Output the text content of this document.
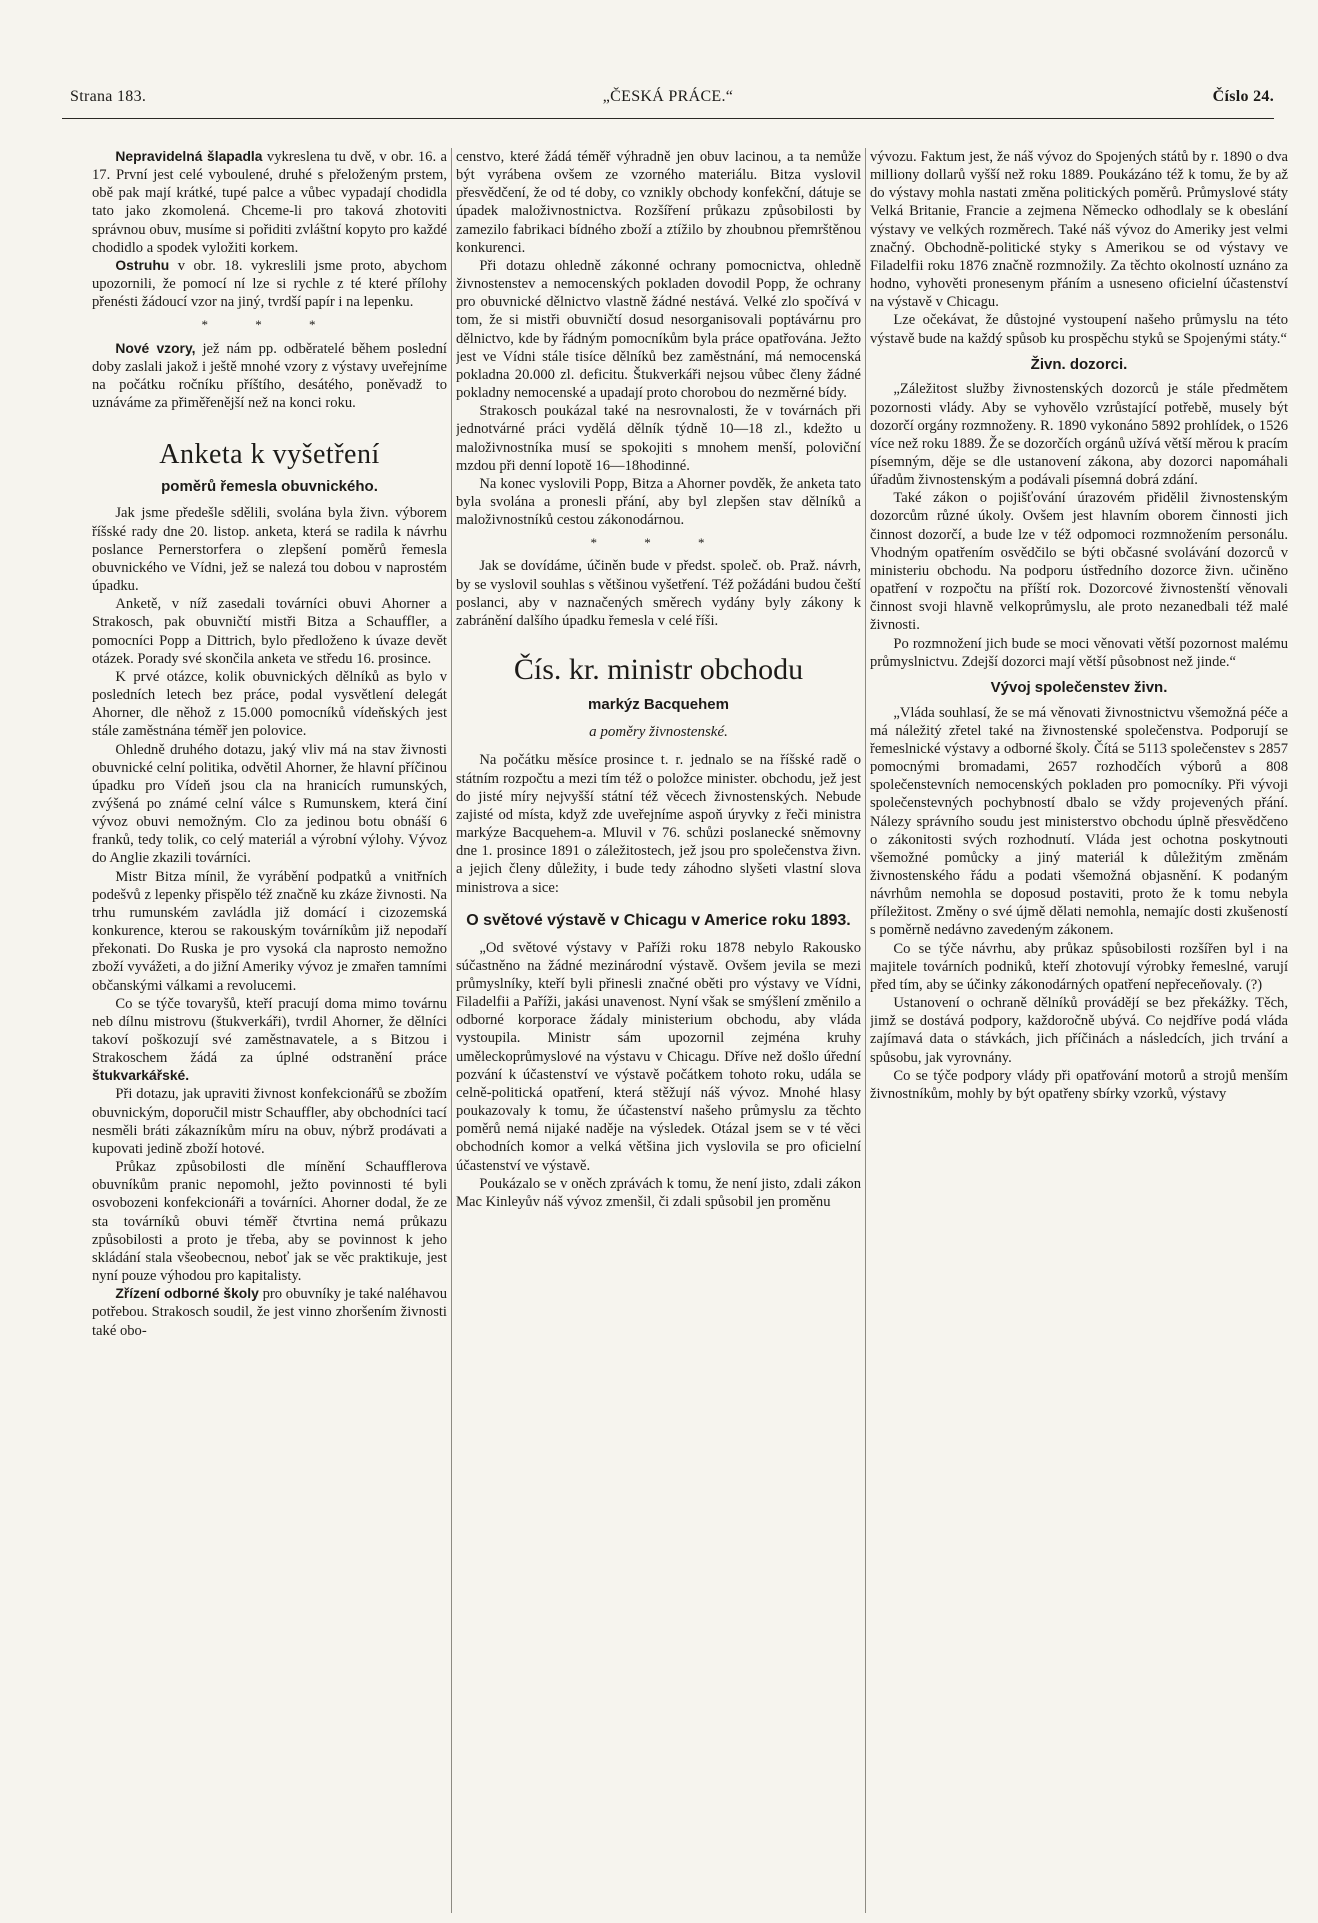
Strana 183.	„ČESKÁ PRÁCE.“	Číslo 24.

Nepravidelná šlapadla vykreslena tu dvě, v obr. 16. a 17. První jest celé vyboulené, druhé s přeloženým prstem, obě pak mají krátké, tupé palce a vůbec vypadají chodidla tato jako zkomolená. Chceme-li pro taková zhotoviti správnou obuv, musíme si pořiditi zvláštní kopyto pro každé chodidlo a spodek vyložiti korkem.

Ostruhu v obr. 18. vykreslili jsme proto, abychom upozornili, že pomocí ní lze si rychle z té které přílohy přenésti žádoucí vzor na jiný, tvrdší papír i na lepenku.

* * *

Nové vzory, jež nám pp. odběratelé během poslední doby zaslali jakož i ještě mnohé vzory z výstavy uveřejníme na počátku ročníku příštího, desátého, poněvadž to uznáváme za přiměřenější než na konci roku.

Anketa k vyšetření
poměrů řemesla obuvnického.

Jak jsme předešle sdělili, svolána byla živn. výborem říšské rady dne 20. listop. anketa, která se radila k návrhu poslance Pernerstorfera o zlepšení poměrů řemesla obuvnického ve Vídni, jež se nalezá tou dobou v naprostém úpadku.

Anketě, v níž zasedali továrníci obuvi Ahorner a Strakosch, pak obuvničtí mistři Bitza a Schauffler, a pomocníci Popp a Dittrich, bylo předloženo k úvaze devět otázek. Porady své skončila anketa ve středu 16. prosince.

K prvé otázce, kolik obuvnických dělníků as bylo v posledních letech bez práce, podal vysvětlení delegát Ahorner, dle něhož z 15.000 pomocníků vídeňských jest stále zaměstnána téměř jen polovice.

Ohledně druhého dotazu, jaký vliv má na stav živnosti obuvnické celní politika, odvětil Ahorner, že hlavní příčinou úpadku pro Vídeň jsou cla na hranicích rumunských, zvýšená po známé celní válce s Rumunskem, která činí vývoz obuvi nemožným. Clo za jedinou botu obnáší 6 franků, tedy tolik, co celý materiál a výrobní výlohy. Vývoz do Anglie zkazili továrníci.

Mistr Bitza mínil, že vyrábění podpatků a vnitřních podešvů z lepenky přispělo též značně ku zkáze živnosti. Na trhu rumunském zavládla již domácí i cizozemská konkurence, kterou se rakouským továrníkům již nepodaří překonati. Do Ruska je pro vysoká cla naprosto nemožno zboží vyvážeti, a do jižní Ameriky vývoz je zmařen tamními občanskými válkami a revolucemi.

Co se týče tovaryšů, kteří pracují doma mimo továrnu neb dílnu mistrovu (štukverkáři), tvrdil Ahorner, že dělníci takoví poškozují své zaměstnavatele, a s Bitzou i Strakoschem žádá za úplné odstranění práce štukvarkářské.

Při dotazu, jak upraviti živnost konfekcionářů se zbožím obuvnickým, doporučil mistr Schauffler, aby obchodníci tací nesměli bráti zákazníkům míru na obuv, nýbrž prodávati a kupovati jedině zboží hotové.

Průkaz způsobilosti dle mínění Schaufflerova obuvníkům pranic nepomohl, ježto povinnosti té byli osvobozeni konfekcionáři a továrníci. Ahorner dodal, že ze sta továrníků obuvi téměř čtvrtina nemá průkazu způsobilosti a proto je třeba, aby se povinnost k jeho skládání stala všeobecnou, neboť jak se věc praktikuje, jest nyní pouze výhodou pro kapitalisty.

Zřízení odborné školy pro obuvníky je také naléhavou potřebou. Strakosch soudil, že jest vinno zhoršením živnosti také obo-

censtvo, které žádá téměř výhradně jen obuv lacinou, a ta nemůže být vyrábena ovšem ze vzorného materiálu. Bitza vyslovil přesvědčení, že od té doby, co vznikly obchody konfekční, dátuje se úpadek maloživnostnictva. Rozšíření průkazu způsobilosti by zamezilo fabrikaci bídného zboží a ztížilo by zhoubnou přemrštěnou konkurenci.

Při dotazu ohledně zákonné ochrany pomocnictva, ohledně živnostenstev a nemocenských pokladen dovodil Popp, že ochrany pro obuvnické dělnictvo vlastně žádné nestává. Velké zlo spočívá v tom, že si mistři obuvničtí dosud nesorganisovali poptávárnu pro dělnictvo, kde by řádným pomocníkům byla práce opatřována. Ježto jest ve Vídni stále tisíce dělníků bez zaměstnání, má nemocenská pokladna 20.000 zl. deficitu. Štukverkáři nejsou vůbec členy žádné pokladny nemocenské a upadají proto chorobou do nezměrné bídy.

Strakosch poukázal také na nesrovnalosti, že v továrnách při jednotvárné práci vydělá dělník týdně 10—18 zl., kdežto u maloživnostníka musí se spokojiti s mnohem menší, poloviční mzdou při denní lopotě 16—18hodinné.

Na konec vyslovili Popp, Bitza a Ahorner povděk, že anketa tato byla svolána a pronesli přání, aby byl zlepšen stav dělníků a maloživnostníků cestou zákonodárnou.

* * *

Jak se dovídáme, účiněn bude v předst. společ. ob. Praž. návrh, by se vyslovil souhlas s většinou vyšetření. Též požádáni budou čeští poslanci, aby v naznačených směrech vydány byly zákony k zabránění dalšího úpadku řemesla v celé říši.

Čís. kr. ministr obchodu
markýz Bacquehem
a poměry živnostenské.

Na počátku měsíce prosince t. r. jednalo se na říšské radě o státním rozpočtu a mezi tím též o položce minister. obchodu, jež jest do jisté míry nejvyšší státní též věcech živnostenských. Nebude zajisté od místa, když zde uveřejníme aspoň úryvky z řeči ministra markýze Bacquehem-a. Mluvil v 76. schůzi poslanecké sněmovny dne 1. prosince 1891 o záležitostech, jež jsou pro společenstva živn. a jejich členy důležity, i bude tedy záhodno slyšeti vlastní slova ministrova a sice:

O světové výstavě v Chicagu v Americe roku 1893.

„Od světové výstavy v Paříži roku 1878 nebylo Rakousko súčastněno na žádné mezinárodní výstavě. Ovšem jevila se mezi průmyslníky, kteří byli přinesli značné oběti pro výstavy ve Vídni, Filadelfii a Paříži, jakási unavenost. Nyní však se smýšlení změnilo a odborné korporace žádaly ministerium obchodu, aby vláda vystoupila. Ministr sám upozornil zejména kruhy uměleckoprůmyslové na výstavu v Chicagu. Dříve než došlo úřední pozvání k účastenství ve výstavě počátkem tohoto roku, udála se celně-politická opatření, která stěžují náš vývoz. Mnohé hlasy poukazovaly k tomu, že účastenství našeho průmyslu za těchto poměrů nemá nijaké naděje na výsledek. Otázal jsem se v té věci obchodních komor a velká většina jich vyslovila se pro oficielní účastenství ve výstavě.

Poukázalo se v oněch zprávách k tomu, že není jisto, zdali zákon Mac Kinleyův náš vývoz zmenšil, či zdali spůsobil jen proměnu

vývozu. Faktum jest, že náš vývoz do Spojených států by r. 1890 o dva milliony dollarů vyšší než roku 1889. Poukázáno též k tomu, že by až do výstavy mohla nastati změna politických poměrů. Průmyslové státy Velká Britanie, Francie a zejmena Německo odhodlaly se k obeslání výstavy ve velkých rozměrech. Také náš vývoz do Ameriky jest velmi značný. Obchodně-politické styky s Amerikou se od výstavy ve Filadelfii roku 1876 značně rozmnožily. Za těchto okolností uznáno za hodno, vyhověti pronesenym přáním a usneseno oficielní účastenství na výstavě v Chicagu.

Lze očekávat, že důstojné vystoupení našeho průmyslu na této výstavě bude na každý spůsob ku prospěchu styků se Spojenými státy.“

Živn. dozorci.

„Záležitost služby živnostenských dozorců je stále předmětem pozornosti vlády. Aby se vyhovělo vzrůstající potřebě, musely být dozorčí orgány rozmnoženy. R. 1890 vykonáno 5892 prohlídek, o 1526 více než roku 1889. Že se dozorčích orgánů užívá větší měrou k pracím písemným, děje se dle ustanovení zákona, aby dozorci napomáhali úřadům živnostenským a podávali písemná dobrá zdání.

Také zákon o pojišťování úrazovém přidělil živnostenským dozorcům různé úkoly. Ovšem jest hlavním oborem činnosti jich činnost dozorčí, a bude lze v též odpomoci rozmnožením personálu. Vhodným opatřením osvědčilo se býti občasné svolávání dozorců v ministeriu obchodu. Na podporu ústředního dozorce živn. učiněno opatření v rozpočtu na příští rok. Dozorcové živnostenští věnovali činnost svoji hlavně velkoprůmyslu, ale proto nezanedbali též malé živnosti.

Po rozmnožení jich bude se moci věnovati větší pozornost malému průmyslnictvu. Zdejší dozorci mají větší působnost než jinde.“

Vývoj společenstev živn.

„Vláda souhlasí, že se má věnovati živnostnictvu všemožná péče a má náležitý zřetel také na živnostenské společenstva. Podporují se řemeslnické výstavy a odborné školy. Čítá se 5113 společenstev s 2857 pomocnými bromadami, 2657 rozhodčích výborů a 808 společenstevních nemocenských pokladen pro pomocníky. Při vývoji společenstevných pochybností dbalo se vždy projevených přání. Nálezy správního soudu jest ministerstvo obchodu úplně přesvědčeno o zákonitosti svých rozhodnutí. Vláda jest ochotna poskytnouti všemožné pomůcky a jiný materiál k důležitým změnám živnostenského řádu a podati všemožná objasnění. K podaným návrhům nemohla se doposud postaviti, proto že k tomu nebyla příležitost. Změny o své újmě dělati nemohla, nemajíc dosti zkušeností s poměrně nedávno zavedeným zákonem.

Co se týče návrhu, aby průkaz spůsobilosti rozšířen byl i na majitele továrních podniků, kteří zhotovují výrobky řemeslné, varují před tím, aby se účinky zákonodárných opatření nepřeceňovaly. (?)

Ustanovení o ochraně dělníků provádějí se bez překážky. Těch, jimž se dostává podpory, každoročně ubývá. Co nejdříve podá vláda zajímavá data o stávkách, jich příčinách a následcích, jich trvání a spůsobu, jak vyrovnány.

Co se týče podpory vlády při opatřování motorů a strojů menším živnostníkům, mohly by být opatřeny sbírky vzorků, výstavy
